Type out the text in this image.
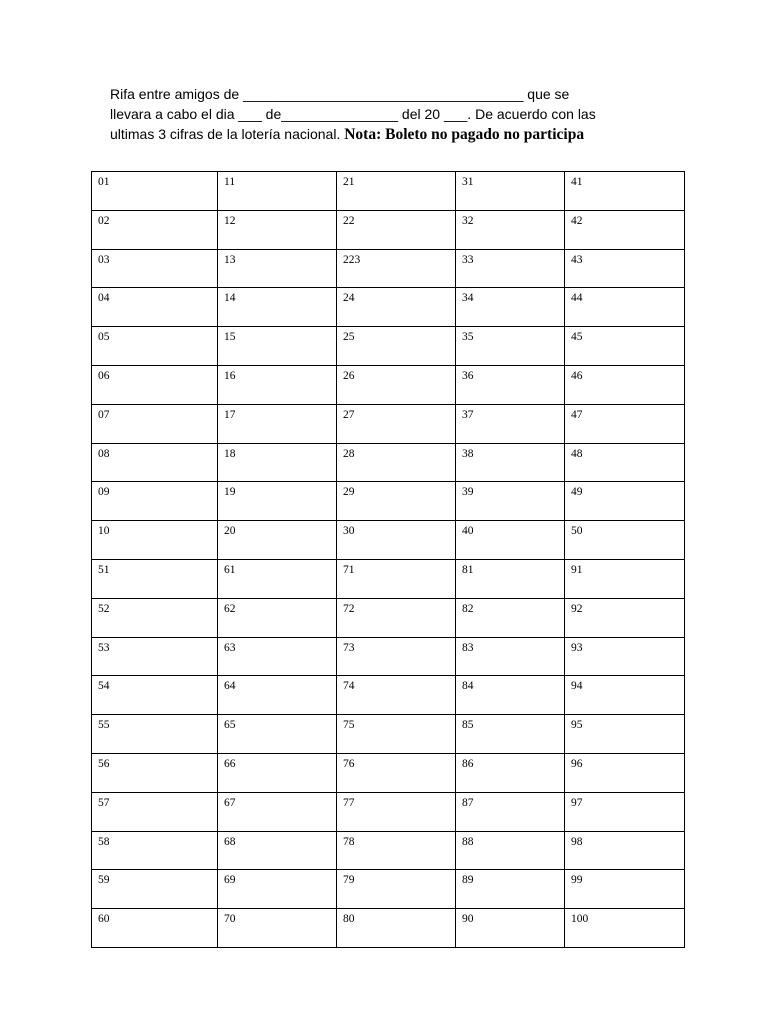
Rifa entre amigos de ____________________________________ que se
llevara a cabo el dia ___ de_______________ del 20 ___. De acuerdo con las
ultimas 3 cifras de la lotería nacional. Nota: Boleto no pagado no participa
01	11	21	31	41

02	12	22	32	42

03	13	223	33	43

04	14	24	34	44

05	15	25	35	45

06	16	26	36	46

07	17	27	37	47

08	18	28	38	48

09	19	29	39	49

10	20	30	40	50

51	61	71	81	91

52	62	72	82	92

53	63	73	83	93

54	64	74	84	94

55	65	75	85	95

56	66	76	86	96

57	67	77	87	97

58	68	78	88	98

59	69	79	89	99

60	70	80	90	100
